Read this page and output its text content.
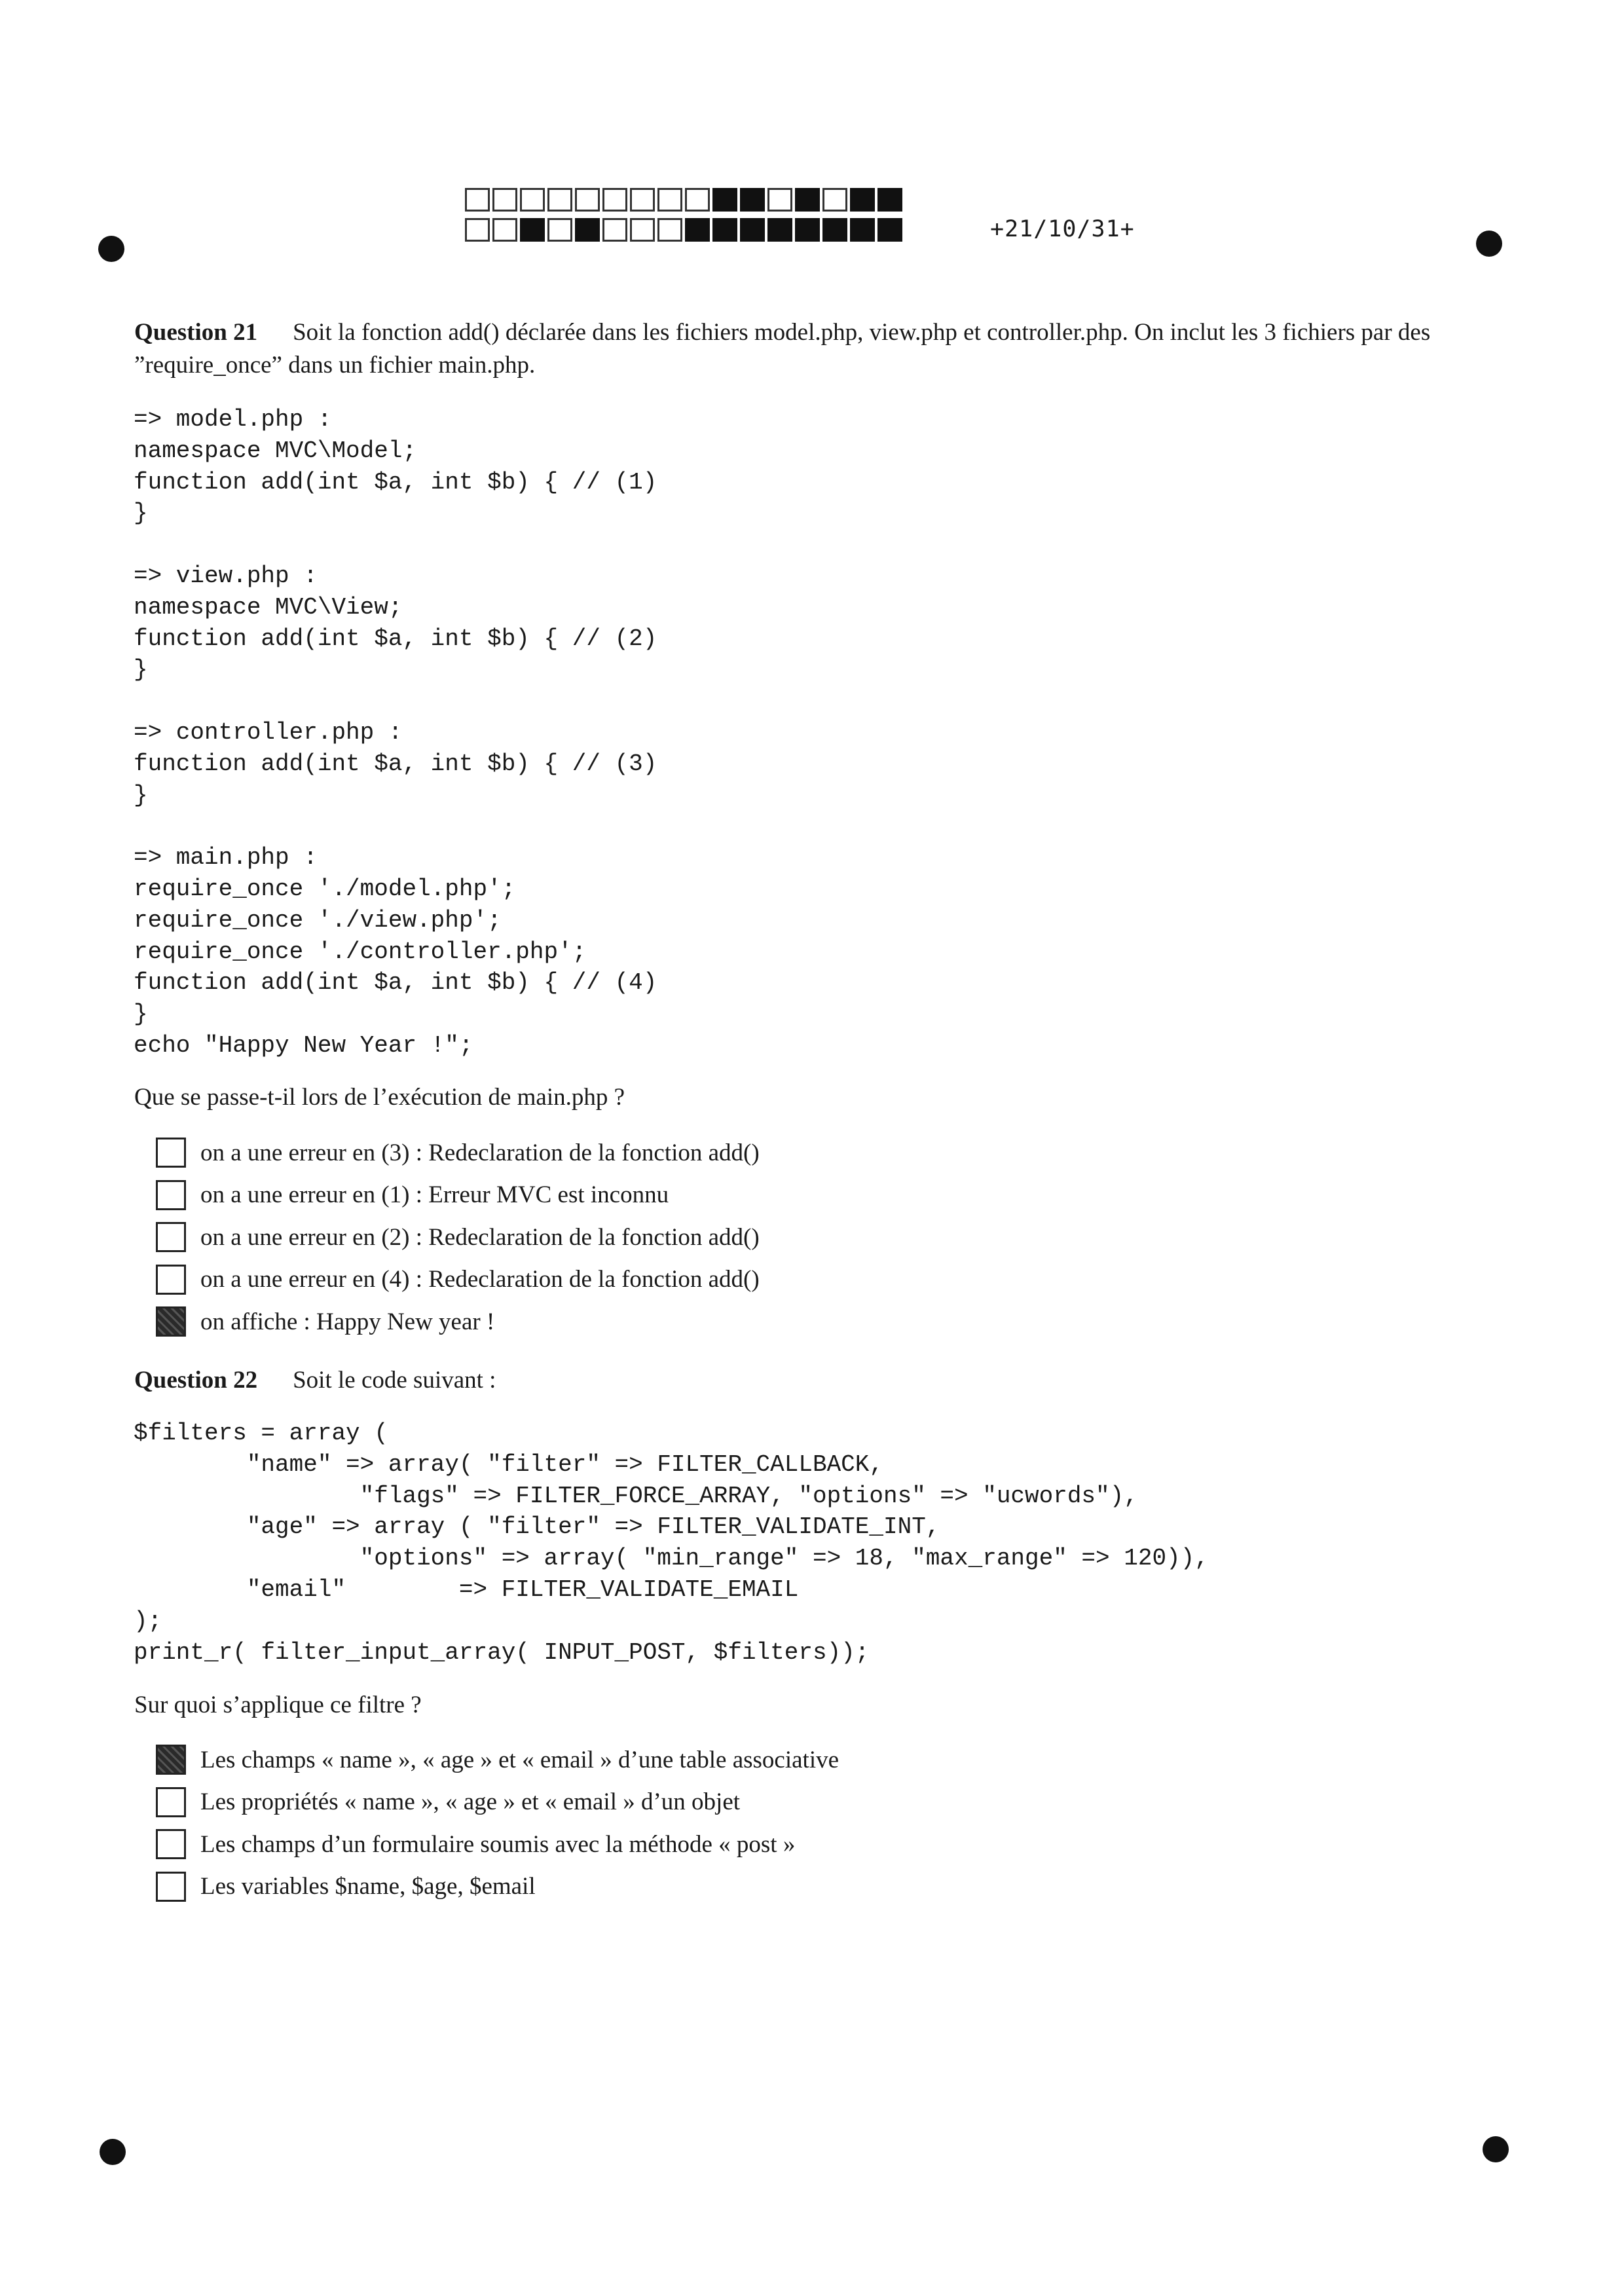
+21/10/31+
Question 21 Soit la fonction add() déclarée dans les fichiers model.php, view.php et controller.php. On inclut les 3 fichiers par des ”require_once” dans un fichier main.php.
=> model.php :
namespace MVC\Model;
function add(int $a, int $b) { // (1)
}

=> view.php :
namespace MVC\View;
function add(int $a, int $b) { // (2)
}

=> controller.php :
function add(int $a, int $b) { // (3)
}

=> main.php :
require_once './model.php';
require_once './view.php';
require_once './controller.php';
function add(int $a, int $b) { // (4)
}
echo "Happy New Year !";
Que se passe-t-il lors de l’exécution de main.php ?
on a une erreur en (3) : Redeclaration de la fonction add()
on a une erreur en (1) : Erreur MVC est inconnu
on a une erreur en (2) : Redeclaration de la fonction add()
on a une erreur en (4) : Redeclaration de la fonction add()
on affiche : Happy New year !
Question 22 Soit le code suivant :
$filters = array (
"name" => array( "filter" => FILTER_CALLBACK,
"flags" => FILTER_FORCE_ARRAY, "options" => "ucwords"),
"age" => array ( "filter" => FILTER_VALIDATE_INT,
"options" => array( "min_range" => 18, "max_range" => 120)),
"email"        => FILTER_VALIDATE_EMAIL
);
print_r( filter_input_array( INPUT_POST, $filters));
Sur quoi s’applique ce filtre ?
Les champs « name », « age » et « email » d’une table associative
Les propriétés « name », « age » et « email » d’un objet
Les champs d’un formulaire soumis avec la méthode « post »
Les variables $name, $age, $email
